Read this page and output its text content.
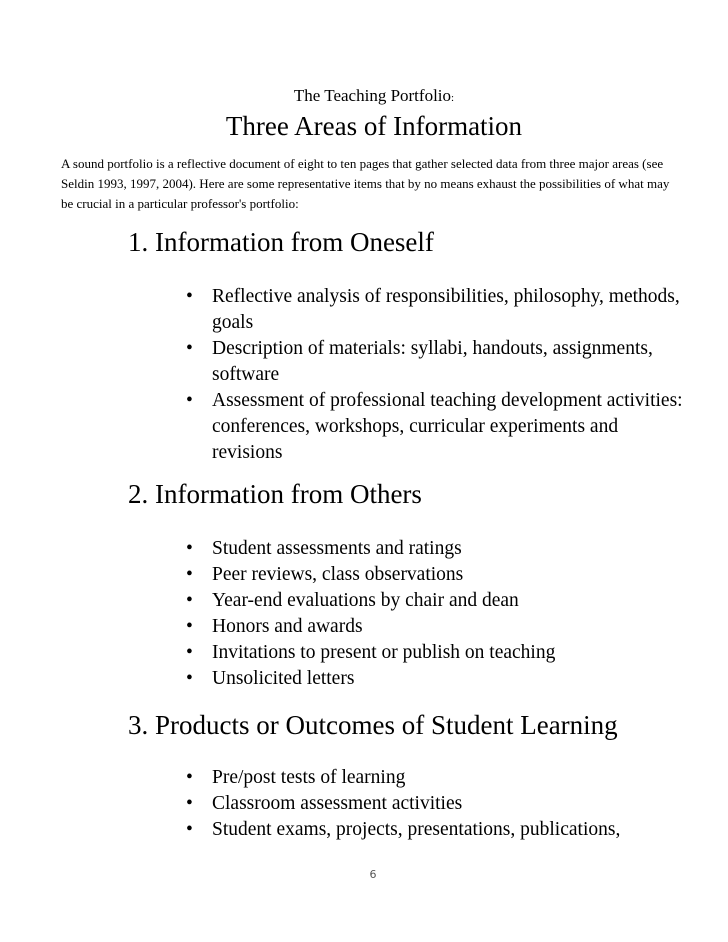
The Teaching Portfolio:
Three Areas of Information
A sound portfolio is a reflective document of eight to ten pages that gather selected data from three major areas (see Seldin 1993, 1997, 2004). Here are some representative items that by no means exhaust the possibilities of what may be crucial in a particular professor's portfolio:
1. Information from Oneself
• Reflective analysis of responsibilities, philosophy, methods, goals
• Description of materials: syllabi, handouts, assignments, software
• Assessment of professional teaching development activities: conferences, workshops, curricular experiments and revisions
2. Information from Others
• Student assessments and ratings
• Peer reviews, class observations
• Year-end evaluations by chair and dean
• Honors and awards
• Invitations to present or publish on teaching
• Unsolicited letters
3. Products or Outcomes of Student Learning
• Pre/post tests of learning
• Classroom assessment activities
• Student exams, projects, presentations, publications,
6
